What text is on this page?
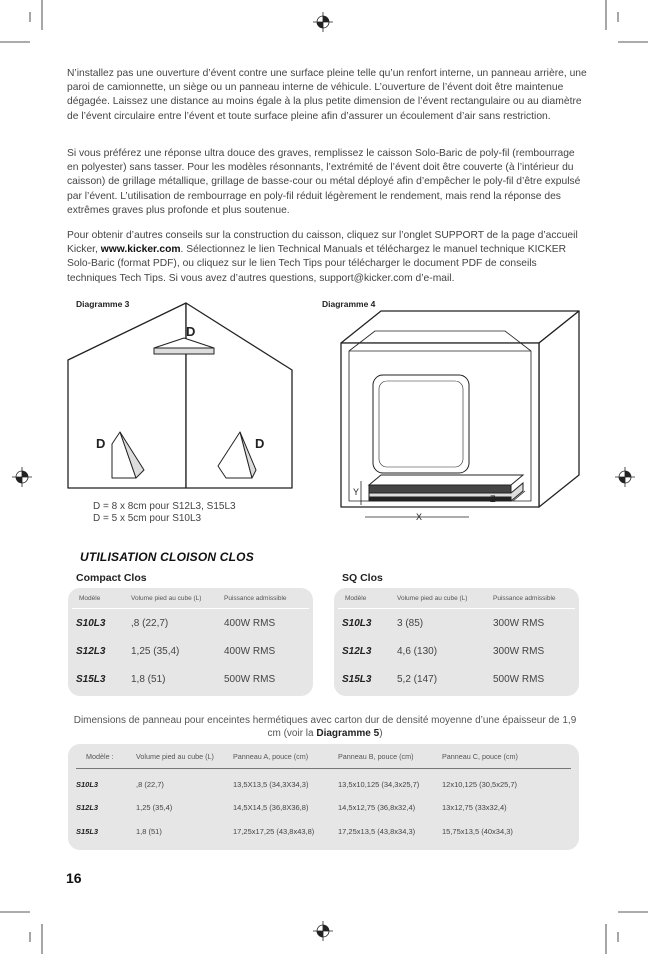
N’installez pas une ouverture d’évent contre une surface pleine telle qu’un renfort interne, un panneau arrière, une paroi de camionnette, un siège ou un panneau interne de véhicule. L’ouverture de l’évent doit être maintenue dégagée. Laissez une distance au moins égale à la plus petite dimension de l’évent rectangulaire ou au diamètre de l’évent circulaire entre l’évent et toute surface pleine afin d’assurer un écoulement d’air sans restriction.

Si vous préférez une réponse ultra douce des graves, remplissez le caisson Solo-Baric de poly-fil (rembourrage en polyester) sans tasser. Pour les modèles résonnants, l’extrémité de l’évent doit être couverte (à l’intérieur du caisson) de grillage métallique, grillage de basse-cour ou métal déployé afin d’empêcher le poly-fil d’être expulsé par l’évent. L’utilisation de rembourrage en poly-fil réduit légèrement le rendement, mais rend la réponse des extrêmes graves plus profonde et plus soutenue.

Pour obtenir d’autres conseils sur la construction du caisson, cliquez sur l’onglet SUPPORT de la page d’accueil Kicker, www.kicker.com. Sélectionnez le lien Technical Manuals et téléchargez le manuel technique KICKER Solo-Baric (format PDF), ou cliquez sur le lien Tech Tips pour télécharger le document PDF de conseils techniques Tech Tips. Si vous avez d’autres questions, support@kicker.com d’e-mail.

Diagramme 3
D
D	D
D = 8 x 8cm pour S12L3, S15L3
D = 5 x 5cm pour S10L3
Diagramme 4
Y
Z
X
UTILISATION CLOISON CLOS
Compact Clos
Modèle	Volume pied au cube (L)	Puissance admissible
S10L3	,8 (22,7)	400W RMS
S12L3	1,25 (35,4)	400W RMS
S15L3	1,8 (51)	500W RMS
SQ Clos
Modèle	Volume pied au cube (L)	Puissance admissible
S10L3	3 (85)	300W RMS
S12L3	4,6 (130)	300W RMS
S15L3	5,2 (147)	500W RMS
Dimensions de panneau pour enceintes hermétiques avec carton dur de densité moyenne d’une épaisseur de 1,9 cm (voir la Diagramme 5)
Modèle :	Volume pied au cube (L)	Panneau A, pouce (cm)	Panneau B, pouce (cm)	Panneau C, pouce (cm)
S10L3	,8 (22,7)	13,5X13,5 (34,3X34,3)	13,5x10,125 (34,3x25,7)	12x10,125 (30,5x25,7)
S12L3	1,25 (35,4)	14,5X14,5 (36,8X36,8)	14,5x12,75 (36,8x32,4)	13x12,75 (33x32,4)
S15L3	1,8 (51)	17,25x17,25 (43,8x43,8)	17,25x13,5 (43,8x34,3)	15,75x13,5 (40x34,3)
16
